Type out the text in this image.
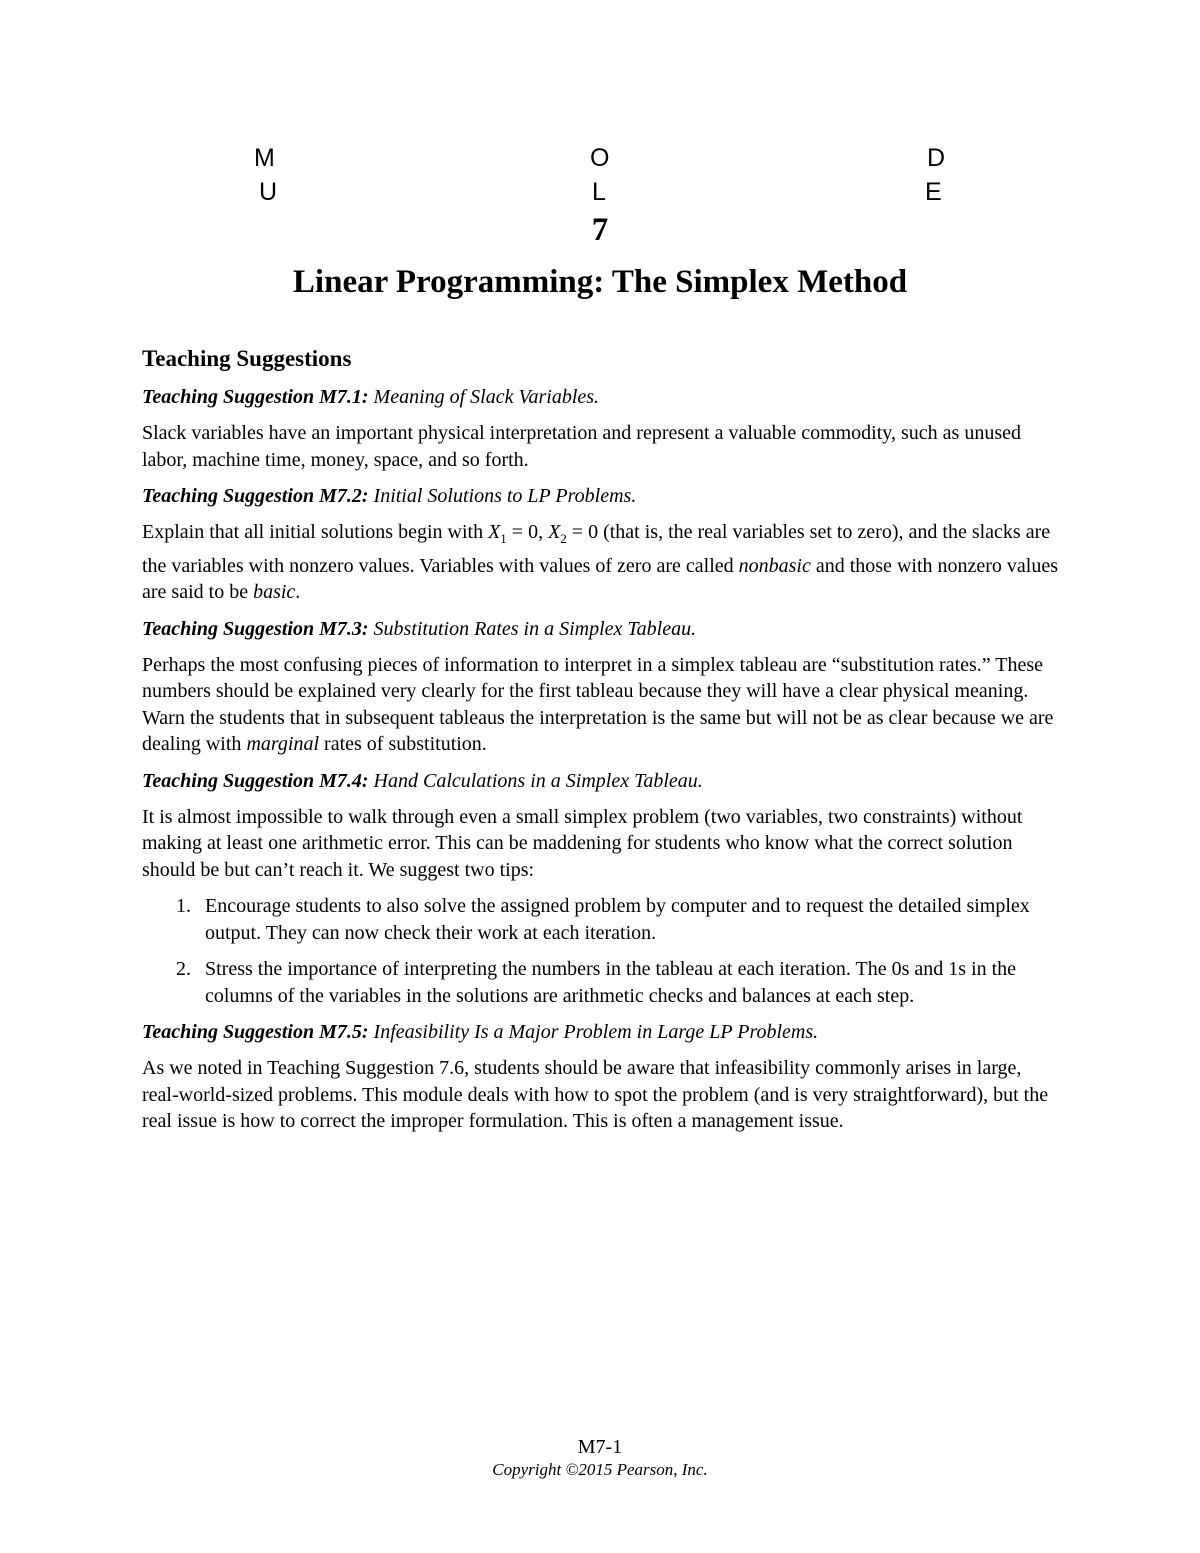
M	O	D
U	L	E
7
Linear Programming: The Simplex Method
Teaching Suggestions
Teaching Suggestion M7.1: Meaning of Slack Variables.

Slack variables have an important physical interpretation and represent a valuable commodity, such as unused labor, machine time, money, space, and so forth.

Teaching Suggestion M7.2: Initial Solutions to LP Problems.

Explain that all initial solutions begin with $X_1 = 0$, $X_2 = 0$ (that is, the real variables set to zero), and the slacks are the variables with nonzero values. Variables with values of zero are called nonbasic and those with nonzero values are said to be basic.

Teaching Suggestion M7.3: Substitution Rates in a Simplex Tableau.

Perhaps the most confusing pieces of information to interpret in a simplex tableau are “substitution rates.” These numbers should be explained very clearly for the first tableau because they will have a clear physical meaning. Warn the students that in subsequent tableaus the interpretation is the same but will not be as clear because we are dealing with marginal rates of substitution.

Teaching Suggestion M7.4: Hand Calculations in a Simplex Tableau.

It is almost impossible to walk through even a small simplex problem (two variables, two constraints) without making at least one arithmetic error. This can be maddening for students who know what the correct solution should be but can’t reach it. We suggest two tips:

1. Encourage students to also solve the assigned problem by computer and to request the detailed simplex output. They can now check their work at each iteration.
2. Stress the importance of interpreting the numbers in the tableau at each iteration. The 0s and 1s in the columns of the variables in the solutions are arithmetic checks and balances at each step.
Teaching Suggestion M7.5: Infeasibility Is a Major Problem in Large LP Problems.

As we noted in Teaching Suggestion 7.6, students should be aware that infeasibility commonly arises in large, real-world-sized problems. This module deals with how to spot the problem (and is very straightforward), but the real issue is how to correct the improper formulation. This is often a management issue.

M7-1
Copyright ©2015 Pearson, Inc.
